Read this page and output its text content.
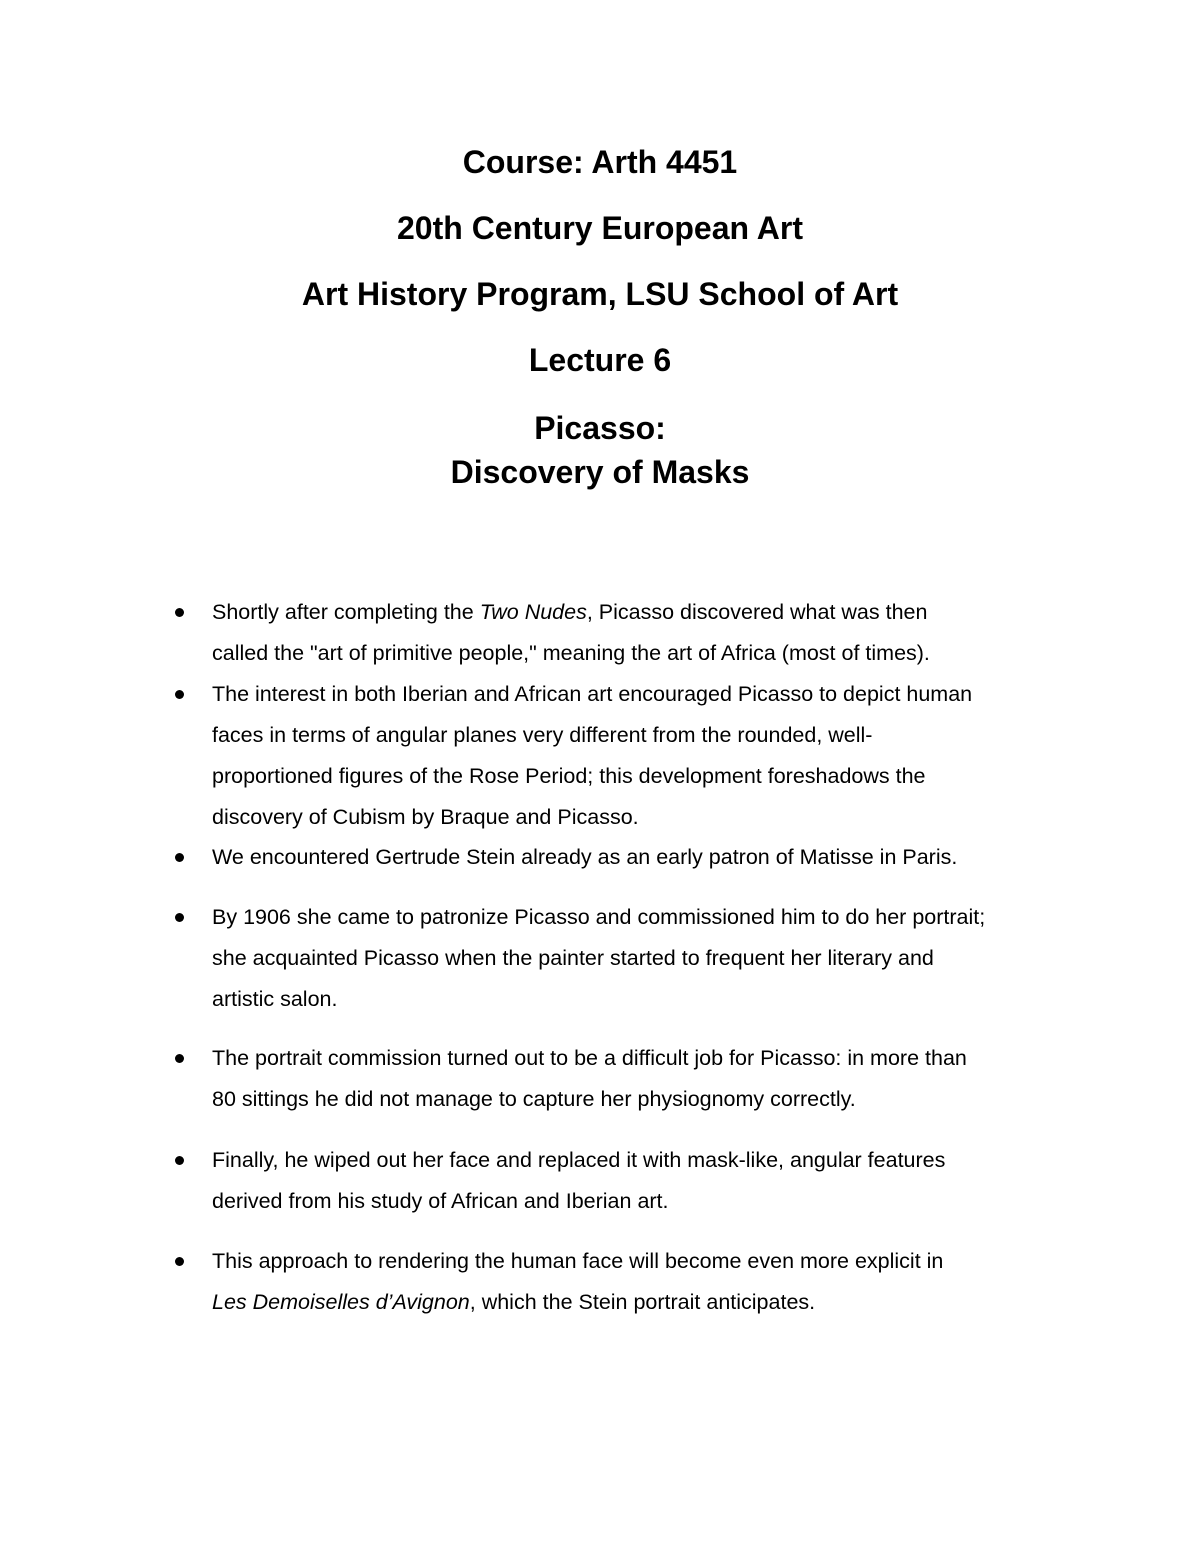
Course: Arth 4451
20th Century European Art
Art History Program, LSU School of Art
Lecture 6
Picasso:
Discovery of Masks
Shortly after completing the Two Nudes, Picasso discovered what was then
called the "art of primitive people," meaning the art of Africa (most of times).
The interest in both Iberian and African art encouraged Picasso to depict human
faces in terms of angular planes very different from the rounded, well-
proportioned figures of the Rose Period; this development foreshadows the
discovery of Cubism by Braque and Picasso.
We encountered Gertrude Stein already as an early patron of Matisse in Paris.
By 1906 she came to patronize Picasso and commissioned him to do her portrait;
she acquainted Picasso when the painter started to frequent her literary and
artistic salon.
The portrait commission turned out to be a difficult job for Picasso: in more than
80 sittings he did not manage to capture her physiognomy correctly.
Finally, he wiped out her face and replaced it with mask-like, angular features
derived from his study of African and Iberian art.
This approach to rendering the human face will become even more explicit in
Les Demoiselles d’Avignon, which the Stein portrait anticipates.
